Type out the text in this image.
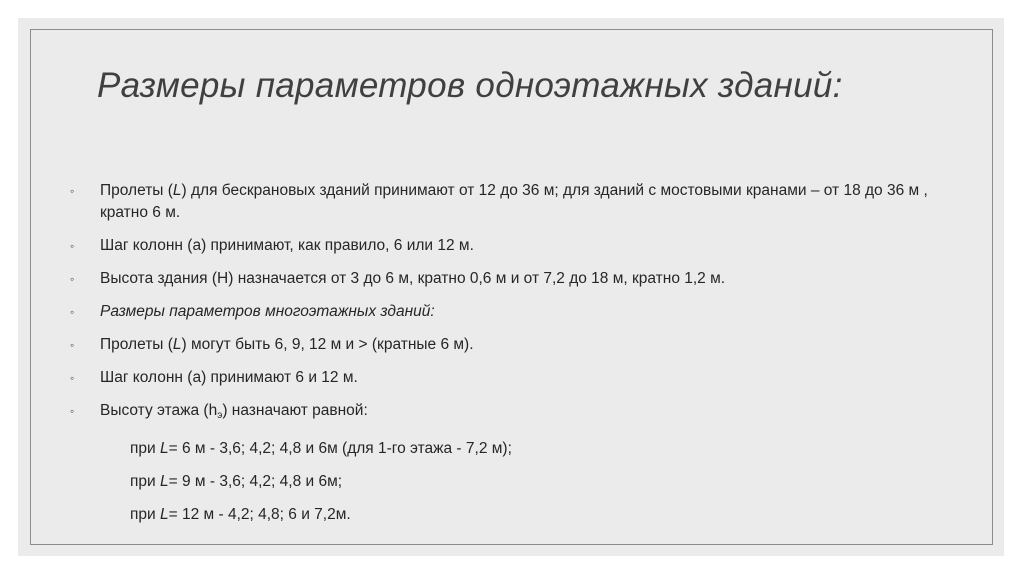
Размеры параметров одноэтажных зданий:
◦ Пролеты (L) для бескрановых зданий принимают от 12 до 36 м; для зданий с мостовыми кранами – от 18 до 36 м , кратно 6 м.
◦ Шаг колонн (а) принимают, как правило, 6 или 12 м.
◦ Высота здания (Н) назначается от 3 до 6 м, кратно 0,6 м и от 7,2 до 18 м, кратно 1,2 м.
◦ Размеры параметров многоэтажных зданий:
◦ Пролеты (L) могут быть 6, 9, 12 м и > (кратные 6 м).
◦ Шаг колонн (а) принимают 6 и 12 м.
◦ Высоту этажа $(h_э)$ назначают равной:
при L= 6 м - 3,6; 4,2; 4,8 и 6м (для 1-го этажа - 7,2 м);
при L= 9 м - 3,6; 4,2; 4,8 и 6м;
при L= 12 м - 4,2; 4,8; 6 и 7,2м.
